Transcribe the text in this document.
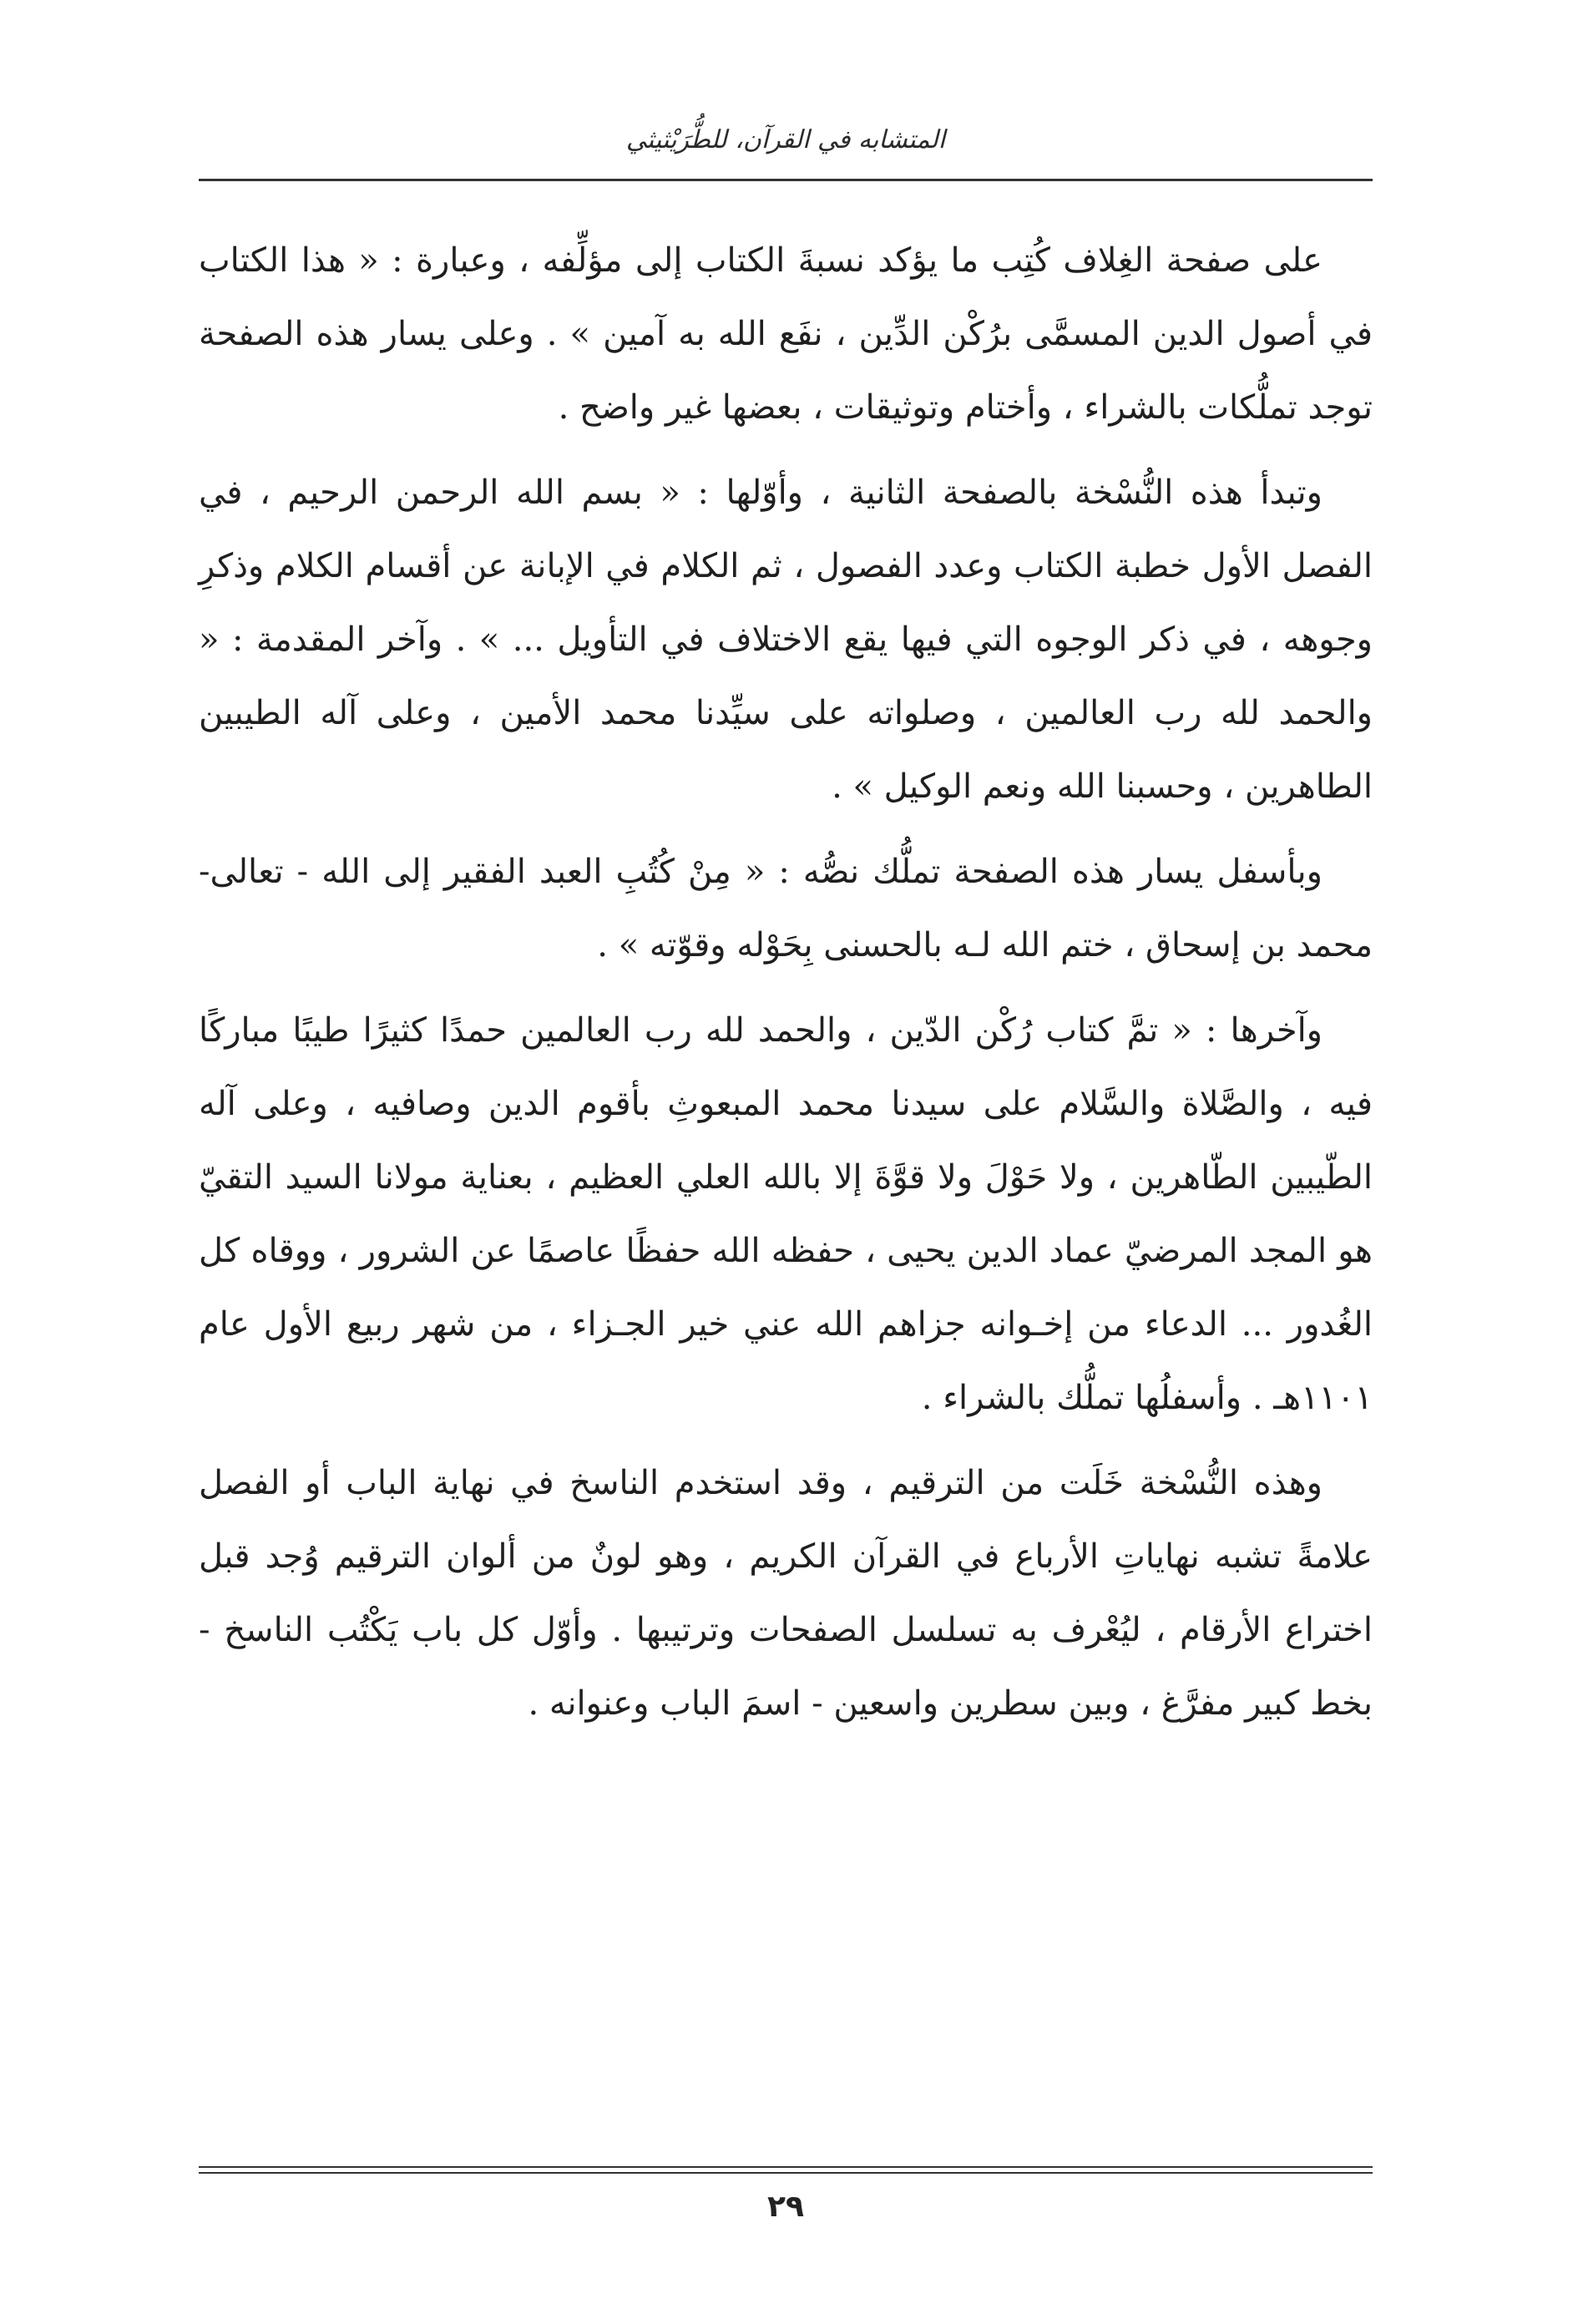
المتشابه في القرآن، للطُّرَيْثيثي

على صفحة الغِلاف كُتِب ما يؤكد نسبةَ الكتاب إلى مؤلِّفه ، وعبارة : « هذا الكتاب في أصول الدين المسمَّى برُكْن الدِّين ، نفَع الله به آمين » . وعلى يسار هذه الصفحة توجد تملُّكات بالشراء ، وأختام وتوثيقات ، بعضها غير واضح .

وتبدأ هذه النُّسْخة بالصفحة الثانية ، وأوّلها : « بسم الله الرحمن الرحيم ، في الفصل الأول خطبة الكتاب وعدد الفصول ، ثم الكلام في الإبانة عن أقسام الكلام وذكرِ وجوهه ، في ذكر الوجوه التي فيها يقع الاختلاف في التأويل ... » . وآخر المقدمة : « والحمد لله رب العالمين ، وصلواته على سيِّدنا محمد الأمين ، وعلى آله الطيبين الطاهرين ، وحسبنا الله ونعم الوكيل » .

وبأسفل يسار هذه الصفحة تملُّك نصُّه : « مِنْ كُتُبِ العبد الفقير إلى الله - تعالى- محمد بن إسحاق ، ختم الله لـه بالحسنى بِحَوْله وقوّته » .

وآخرها : « تمَّ كتاب رُكْن الدّين ، والحمد لله رب العالمين حمدًا كثيرًا طيبًا مباركًا فيه ، والصَّلاة والسَّلام على سيدنا محمد المبعوثِ بأقوم الدين وصافيه ، وعلى آله الطّيبين الطّاهرين ، ولا حَوْلَ ولا قوَّةَ إلا بالله العلي العظيم ، بعناية مولانا السيد التقيّ هو المجد المرضيّ عماد الدين يحيى ، حفظه الله حفظًا عاصمًا عن الشرور ، ووقاه كل الغُدور ... الدعاء من إخـوانه جزاهم الله عني خير الجـزاء ، من شهر ربيع الأول عام ١١٠١هـ . وأسفلُها تملُّك بالشراء .

وهذه النُّسْخة خَلَت من الترقيم ، وقد استخدم الناسخ في نهاية الباب أو الفصل علامةً تشبه نهاياتِ الأرباع في القرآن الكريم ، وهو لونٌ من ألوان الترقيم وُجد قبل اختراع الأرقام ، ليُعْرف به تسلسل الصفحات وترتيبها . وأوّل كل باب يَكْتُب الناسخ - بخط كبير مفرَّغ ، وبين سطرين واسعين - اسمَ الباب وعنوانه .

٢٩
